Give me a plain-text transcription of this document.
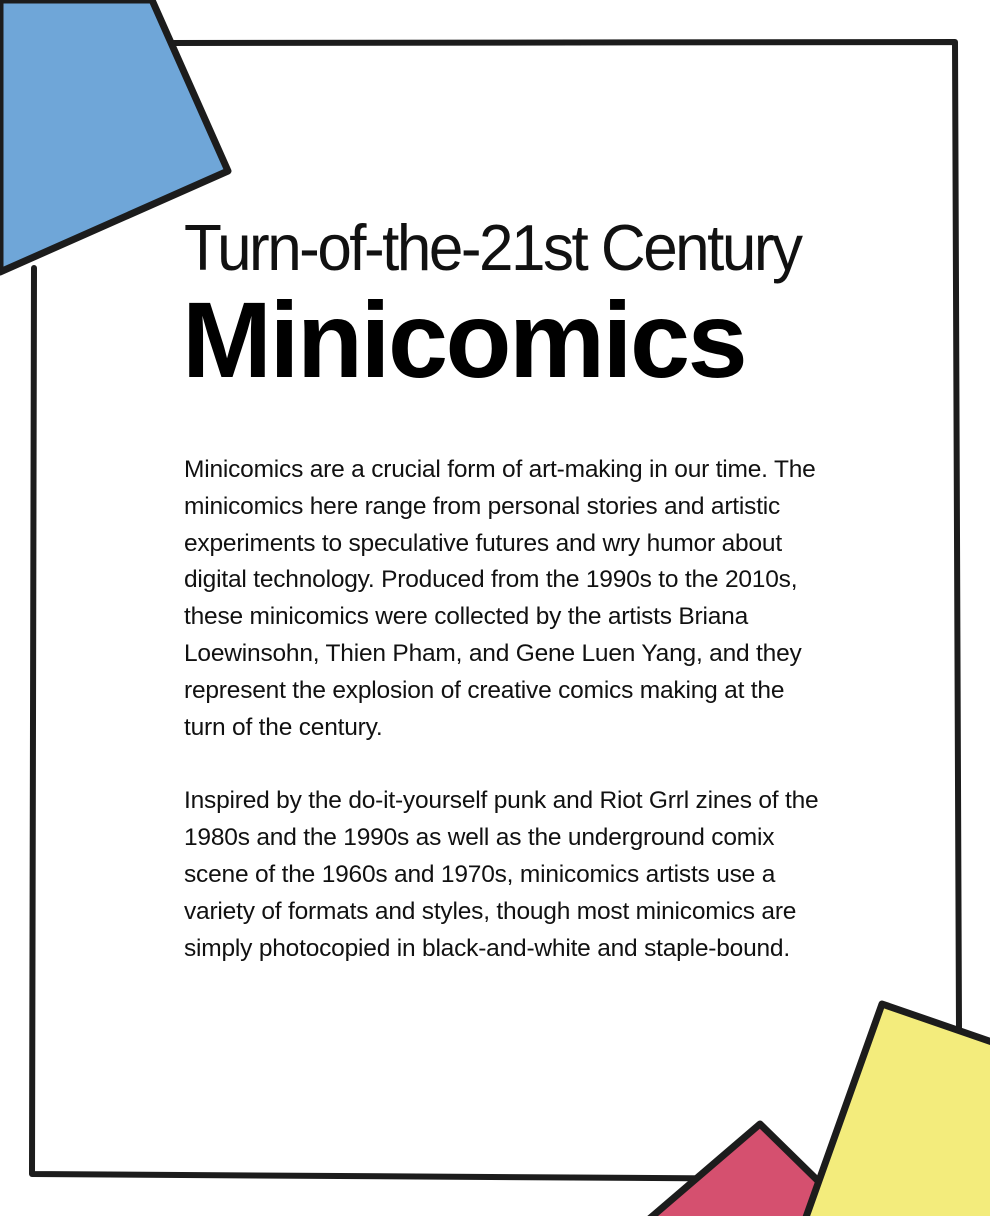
Turn-of-the-21st Century
Minicomics

Minicomics are a crucial form of art-making in our time. The minicomics here range from personal stories and artistic experiments to speculative futures and wry humor about digital technology. Produced from the 1990s to the 2010s, these minicomics were collected by the artists Briana Loewinsohn, Thien Pham, and Gene Luen Yang, and they represent the explosion of creative comics making at the turn of the century.

Inspired by the do-it-yourself punk and Riot Grrl zines of the 1980s and the 1990s as well as the underground comix scene of the 1960s and 1970s, minicomics artists use a variety of formats and styles, though most minicomics are simply photocopied in black-and-white and staple-bound.
